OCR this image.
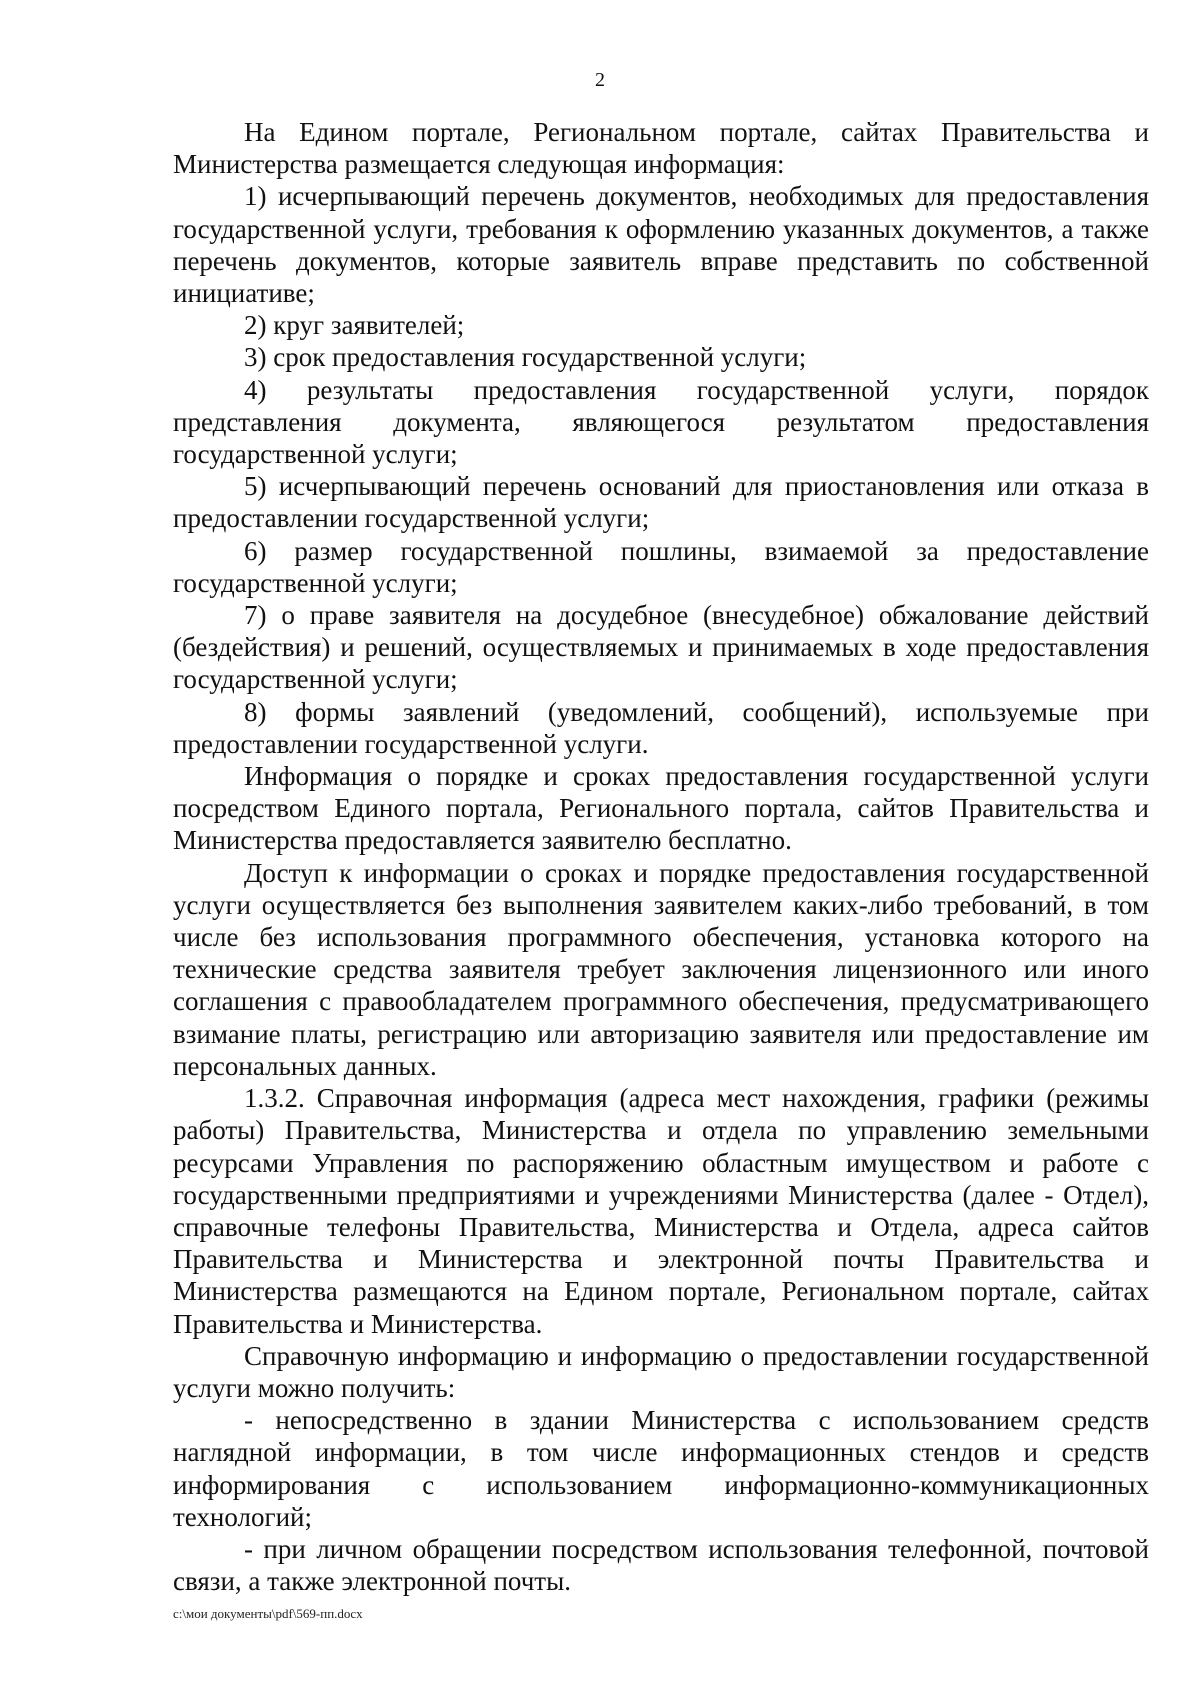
2

На Едином портале, Региональном портале, сайтах Правительства и Министерства размещается следующая информация:

1) исчерпывающий перечень документов, необходимых для предоставления государственной услуги, требования к оформлению указанных документов, а также перечень документов, которые заявитель вправе представить по собственной инициативе;

2) круг заявителей;

3) срок предоставления государственной услуги;

4) результаты предоставления государственной услуги, порядок представления документа, являющегося результатом предоставления государственной услуги;

5) исчерпывающий перечень оснований для приостановления или отказа в предоставлении государственной услуги;

6) размер государственной пошлины, взимаемой за предоставление государственной услуги;

7) о праве заявителя на досудебное (внесудебное) обжалование действий (бездействия) и решений, осуществляемых и принимаемых в ходе предоставления государственной услуги;

8) формы заявлений (уведомлений, сообщений), используемые при предоставлении государственной услуги.

Информация о порядке и сроках предоставления государственной услуги посредством Единого портала, Регионального портала, сайтов Правительства и Министерства предоставляется заявителю бесплатно.

Доступ к информации о сроках и порядке предоставления государственной услуги осуществляется без выполнения заявителем каких-либо требований, в том числе без использования программного обеспечения, установка которого на технические средства заявителя требует заключения лицензионного или иного соглашения с правообладателем программного обеспечения, предусматривающего взимание платы, регистрацию или авторизацию заявителя или предоставление им персональных данных.

1.3.2. Справочная информация (адреса мест нахождения, графики (режимы работы) Правительства, Министерства и отдела по управлению земельными ресурсами Управления по распоряжению областным имуществом и работе с государственными предприятиями и учреждениями Министерства (далее - Отдел), справочные телефоны Правительства, Министерства и Отдела, адреса сайтов Правительства и Министерства и электронной почты Правительства и Министерства размещаются на Едином портале, Региональном портале, сайтах Правительства и Министерства.

Справочную информацию и информацию о предоставлении государственной услуги можно получить:

- непосредственно в здании Министерства с использованием средств наглядной информации, в том числе информационных стендов и средств информирования с использованием информационно-коммуникационных технологий;

- при личном обращении посредством использования телефонной, почтовой связи, а также электронной почты.

c:\мои документы\pdf\569-пп.docx
